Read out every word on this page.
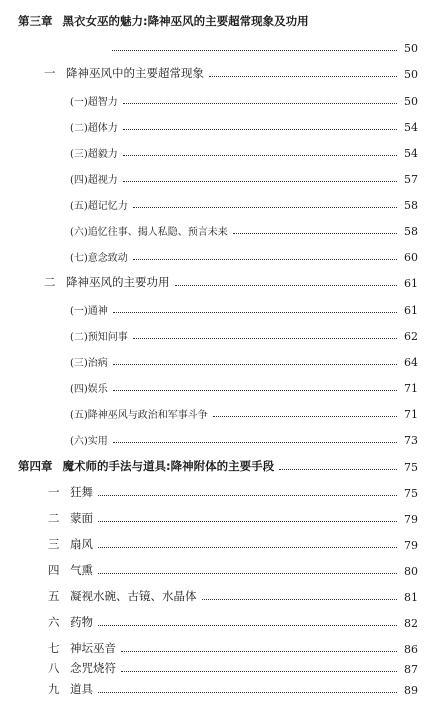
第三章 黑衣女巫的魅力:降神巫风的主要超常现象及功用
50
一 降神巫风中的主要超常现象	50
(一)超智力	50
(二)超体力	54
(三)超毅力	54
(四)超视力	57
(五)超记忆力	58
(六)追忆往事、揭人私隐、预言未来	58
(七)意念致动	60
二 降神巫风的主要功用	61
(一)通神	61
(二)预知问事	62
(三)治病	64
(四)娱乐	71
(五)降神巫风与政治和军事斗争	71
(六)实用	73
第四章 魔术师的手法与道具:降神附体的主要手段	75
一 狂舞	75
二 蒙面	79
三 扇风	79
四 气熏	80
五 凝视水碗、古镜、水晶体	81
六 药物	82
七 神坛巫音	86
八 念咒烧符	87
九 道具	89
